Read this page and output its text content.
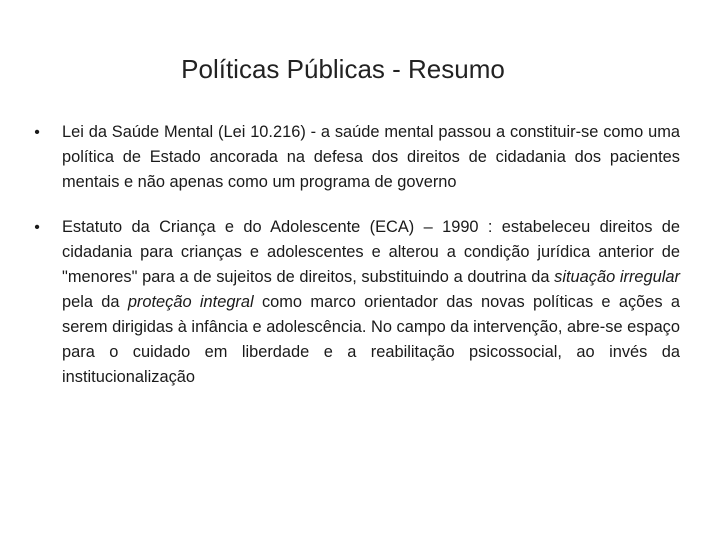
Políticas Públicas - Resumo
• Lei da Saúde Mental (Lei 10.216) - a saúde mental passou a constituir-se como uma política de Estado ancorada na defesa dos direitos de cidadania dos pacientes mentais e não apenas como um programa de governo
• Estatuto da Criança e do Adolescente (ECA) – 1990 : estabeleceu direitos de cidadania para crianças e adolescentes e alterou a condição jurídica anterior de "menores" para a de sujeitos de direitos, substituindo a doutrina da situação irregular pela da proteção integral como marco orientador das novas políticas e ações a serem dirigidas à infância e adolescência. No campo da intervenção, abre-se espaço para o cuidado em liberdade e a reabilitação psicossocial, ao invés da institucionalização
